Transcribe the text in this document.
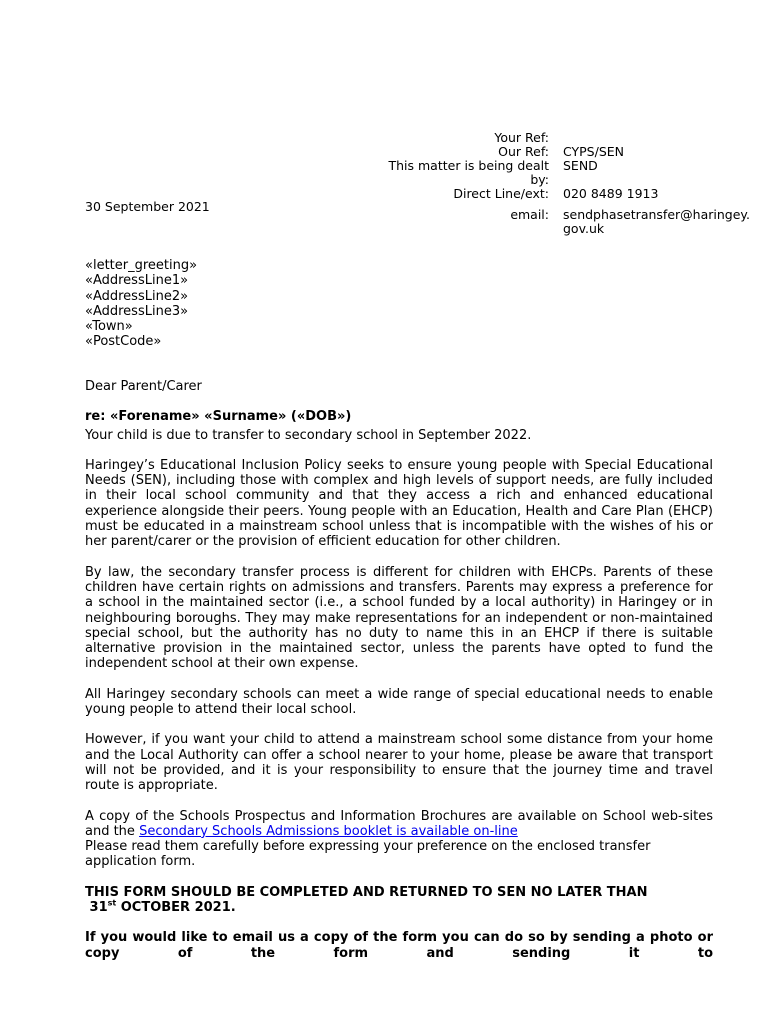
Your Ref:	
Our Ref:	CYPS/SEN
This matter is being dealt
by:	SEND
Direct Line/ext:	020 8489 1913

email:	sendphasetransfer@haringey.gov.uk
30 September 2021
«letter_greeting»
«AddressLine1»
«AddressLine2»
«AddressLine3»
«Town»
«PostCode»

Dear Parent/Carer

re: «Forename» «Surname» («DOB»)

Your child is due to transfer to secondary school in September 2022.

Haringey’s Educational Inclusion Policy seeks to ensure young people with Special Educational Needs (SEN), including those with complex and high levels of support needs, are fully included in their local school community and that they access a rich and enhanced educational experience alongside their peers. Young people with an Education, Health and Care Plan (EHCP) must be educated in a mainstream school unless that is incompatible with the wishes of his or her parent/carer or the provision of efficient education for other children.

By law, the secondary transfer process is different for children with EHCPs. Parents of these children have certain rights on admissions and transfers. Parents may express a preference for a school in the maintained sector (i.e., a school funded by a local authority) in Haringey or in neighbouring boroughs. They may make representations for an independent or non-maintained special school, but the authority has no duty to name this in an EHCP if there is suitable alternative provision in the maintained sector, unless the parents have opted to fund the independent school at their own expense.

All Haringey secondary schools can meet a wide range of special educational needs to enable young people to attend their local school.

However, if you want your child to attend a mainstream school some distance from your home and the Local Authority can offer a school nearer to your home, please be aware that transport will not be provided, and it is your responsibility to ensure that the journey time and travel route is appropriate.

A copy of the Schools Prospectus and Information Brochures are available on School web-sites and the Secondary Schools Admissions booklet is available on-line

Please read them carefully before expressing your preference on the enclosed transfer application form.

THIS FORM SHOULD BE COMPLETED AND RETURNED TO SEN NO LATER THAN
31st OCTOBER 2021.

If you would like to email us a copy of the form you can do so by sending a photo or copy of the form and sending it to
